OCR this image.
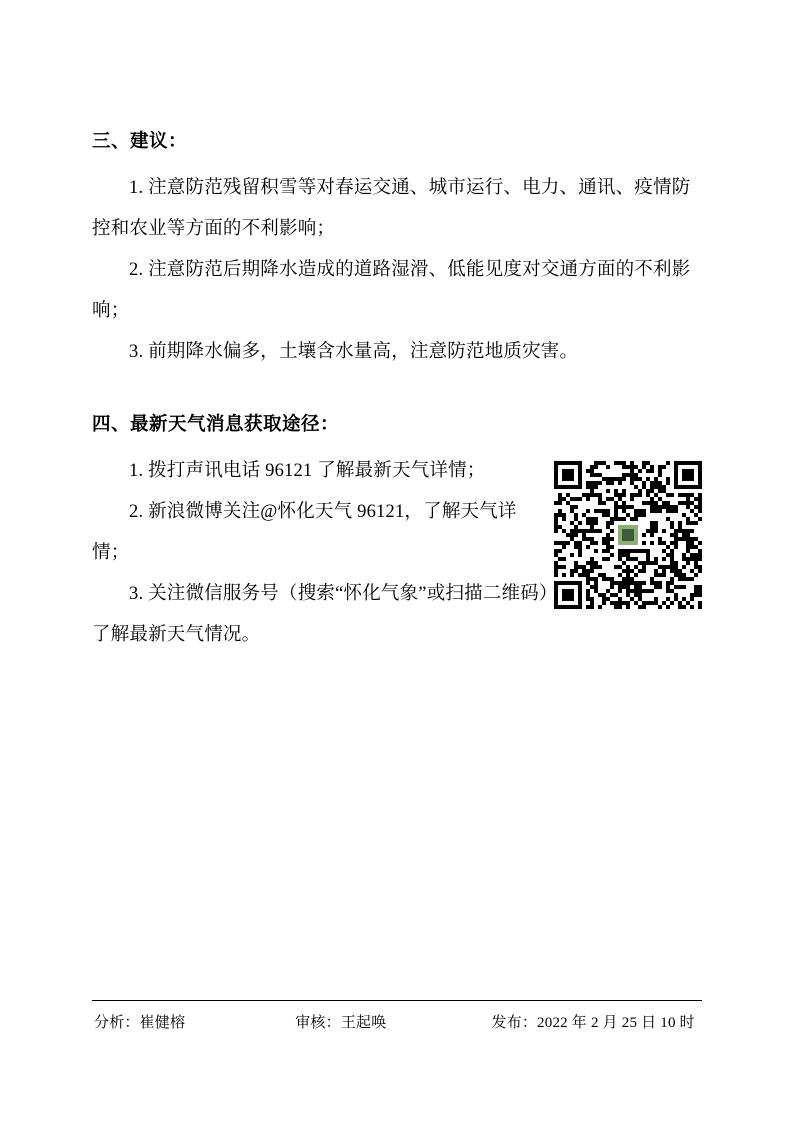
三、建议：

1. 注意防范残留积雪等对春运交通、城市运行、电力、通讯、疫情防控和农业等方面的不利影响；

2. 注意防范后期降水造成的道路湿滑、低能见度对交通方面的不利影响；

3. 前期降水偏多，土壤含水量高，注意防范地质灾害。

四、最新天气消息获取途径：

1. 拨打声讯电话 96121 了解最新天气详情；

2. 新浪微博关注@怀化天气 96121，了解天气详情；

3. 关注微信服务号（搜索“怀化气象”或扫描二维码）了解最新天气情况。

分析：崔健榕	审核：王起唤	发布：2022 年 2 月 25 日 10 时
